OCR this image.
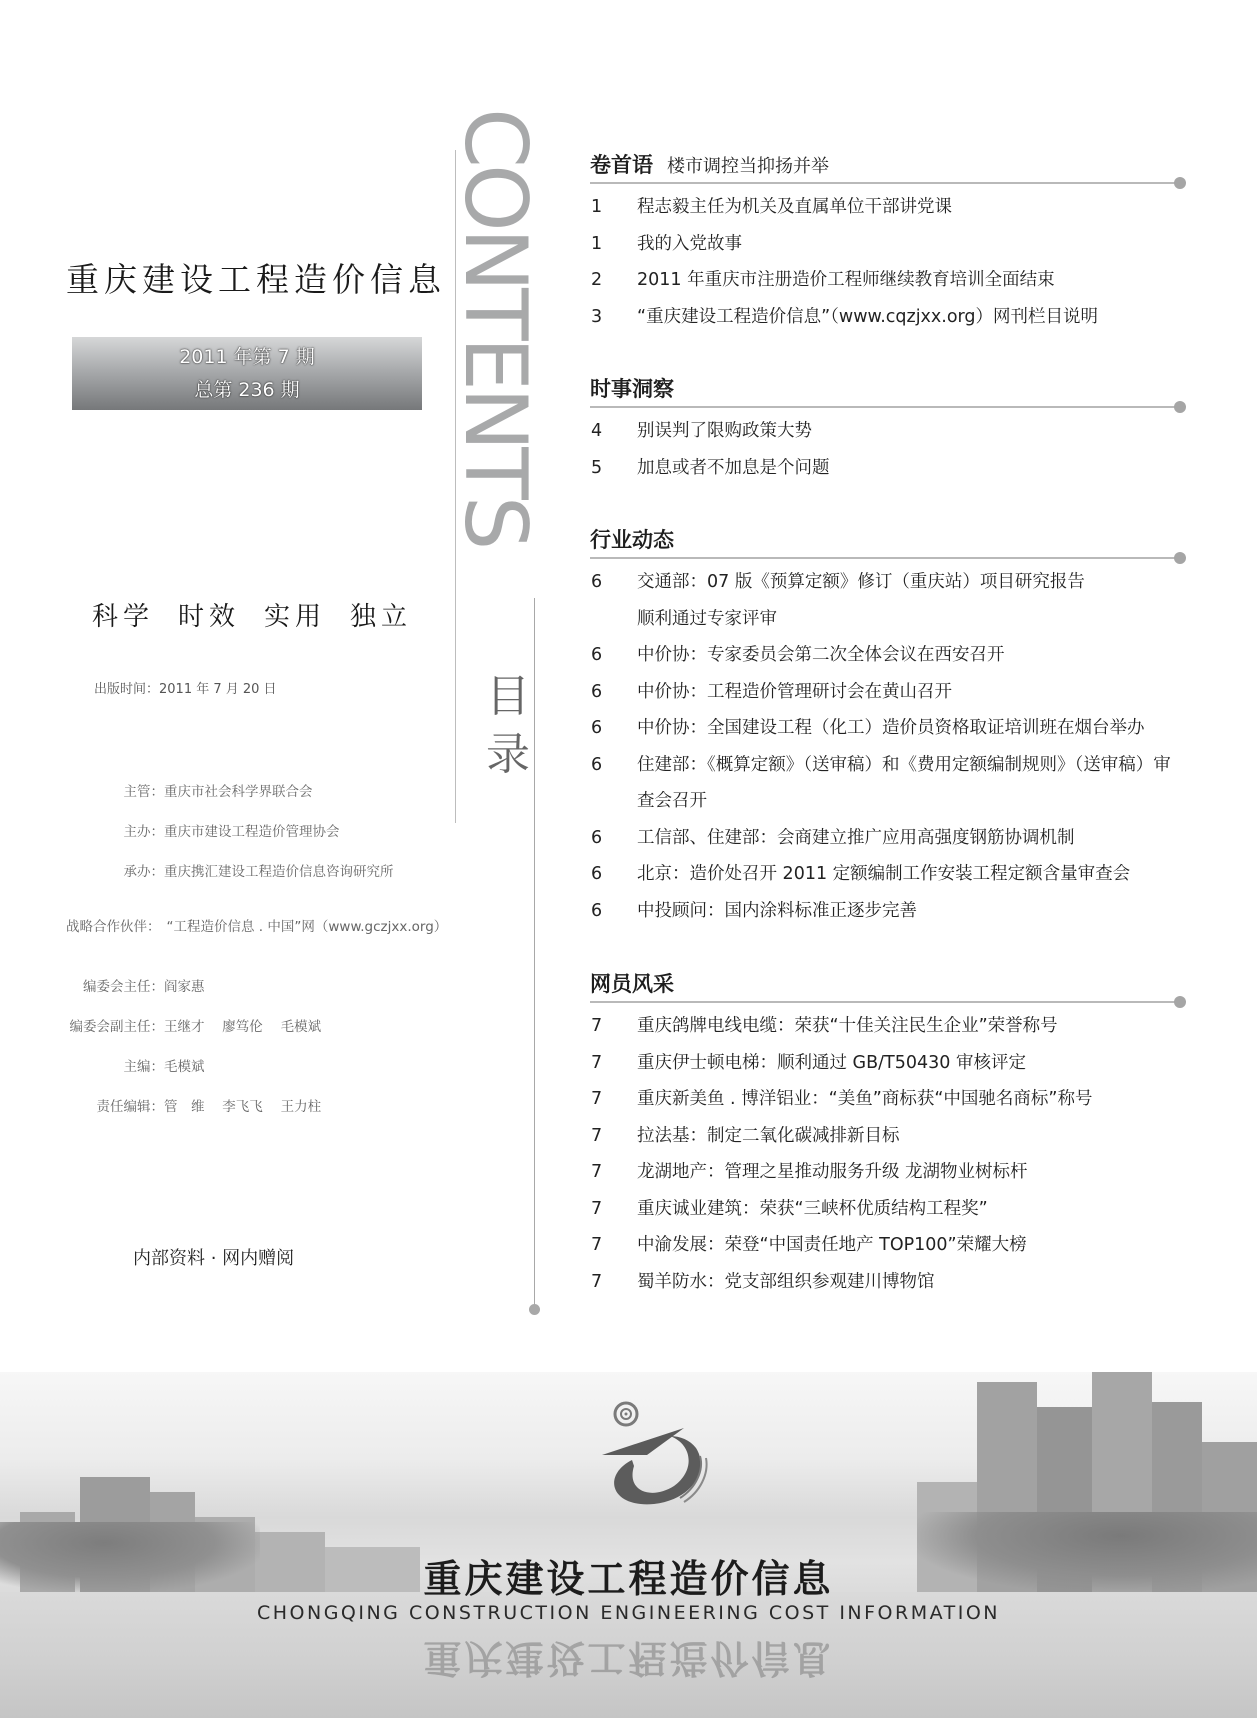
重庆建设工程造价信息
2011 年第 7 期
总第 236 期
科学 时效 实用 独立
出版时间：2011 年 7 月 20 日
主管：重庆市社会科学界联合会
主办：重庆市建设工程造价管理协会
承办：重庆携汇建设工程造价信息咨询研究所
战略合作伙伴： “工程造价信息 . 中国”网（www.gczjxx.org）
编委会主任：阎家惠
编委会副主任：王继才　 廖笃伦　 毛模斌
主编：毛模斌
责任编辑：管　维　 李飞飞　 王力柱
内部资料 · 网内赠阅
CONTENTS
目
录
卷首语 楼市调控当抑扬并举
1	程志毅主任为机关及直属单位干部讲党课
1	我的入党故事
2	2011 年重庆市注册造价工程师继续教育培训全面结束
3	“重庆建设工程造价信息”（www.cqzjxx.org）网刊栏目说明
时事洞察
4	别误判了限购政策大势
5	加息或者不加息是个问题
行业动态
6	交通部：07 版《预算定额》修订（重庆站）项目研究报告顺利通过专家评审
6	中价协：专家委员会第二次全体会议在西安召开
6	中价协：工程造价管理研讨会在黄山召开
6	中价协：全国建设工程（化工）造价员资格取证培训班在烟台举办
6	住建部：《概算定额》（送审稿）和《费用定额编制规则》（送审稿）审查会召开
6	工信部、住建部：会商建立推广应用高强度钢筋协调机制
6	北京：造价处召开 2011 定额编制工作安装工程定额含量审查会
6	中投顾问：国内涂料标准正逐步完善
网员风采
7	重庆鸽牌电线电缆：荣获“十佳关注民生企业”荣誉称号
7	重庆伊士顿电梯：顺利通过 GB/T50430 审核评定
7	重庆新美鱼 . 博洋铝业：“美鱼”商标获“中国驰名商标”称号
7	拉法基：制定二氧化碳减排新目标
7	龙湖地产：管理之星推动服务升级 龙湖物业树标杆
7	重庆诚业建筑：荣获“三峡杯优质结构工程奖”
7	中渝发展：荣登“中国责任地产 TOP100”荣耀大榜
7	蜀羊防水：党支部组织参观建川博物馆
重庆建设工程造价信息
CHONGQING CONSTRUCTION ENGINEERING COST INFORMATION
重庆建设工程造价信息
